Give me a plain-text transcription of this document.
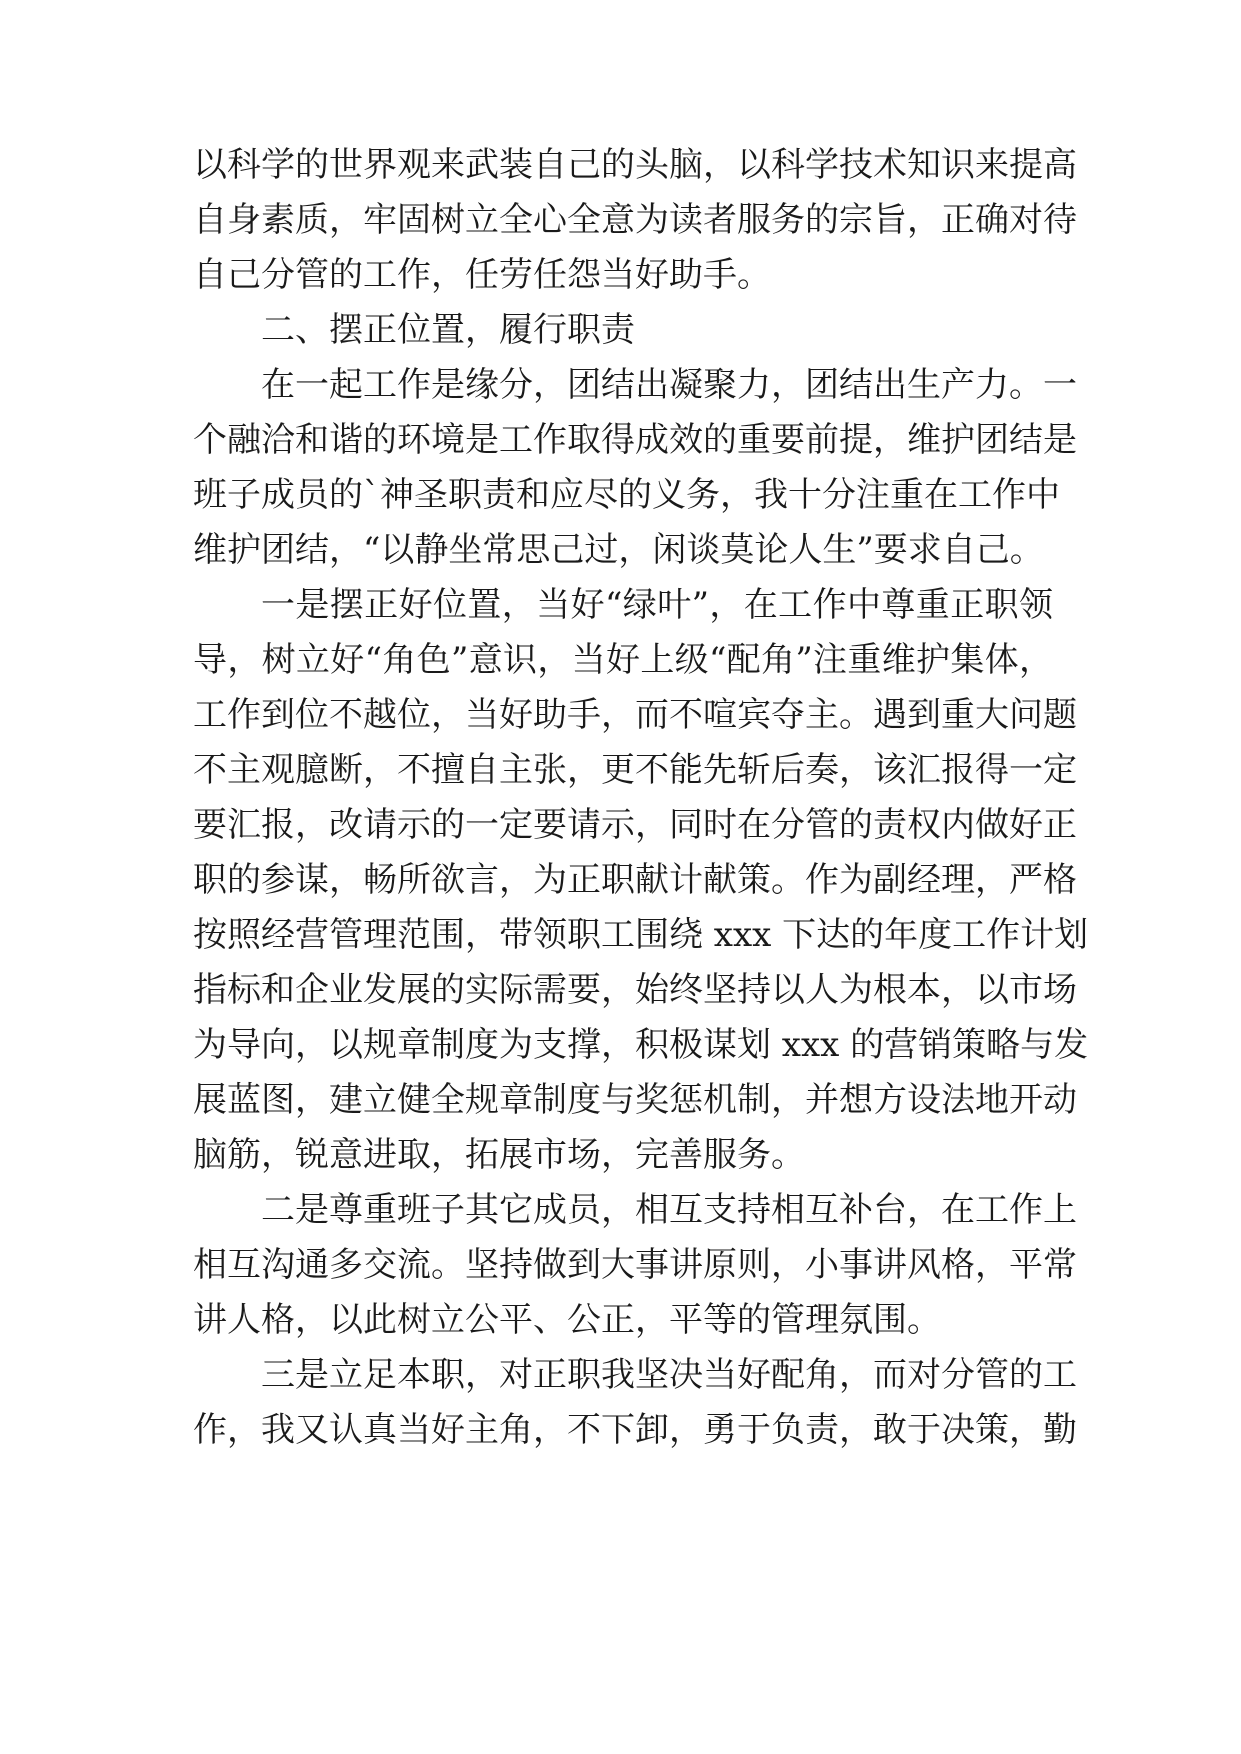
以科学的世界观来武装自己的头脑，以科学技术知识来提高
自身素质，牢固树立全心全意为读者服务的宗旨，正确对待
自己分管的工作，任劳任怨当好助手。
二、摆正位置，履行职责
在一起工作是缘分，团结出凝聚力，团结出生产力。一
个融洽和谐的环境是工作取得成效的重要前提，维护团结是
班子成员的`神圣职责和应尽的义务，我十分注重在工作中
维护团结，“以静坐常思己过，闲谈莫论人生”要求自己。
一是摆正好位置，当好“绿叶”，在工作中尊重正职领
导，树立好“角色”意识，当好上级“配角”注重维护集体，
工作到位不越位，当好助手，而不喧宾夺主。遇到重大问题
不主观臆断，不擅自主张，更不能先斩后奏，该汇报得一定
要汇报，改请示的一定要请示，同时在分管的责权内做好正
职的参谋，畅所欲言，为正职献计献策。作为副经理，严格
按照经营管理范围，带领职工围绕 xxx 下达的年度工作计划
指标和企业发展的实际需要，始终坚持以人为根本，以市场
为导向，以规章制度为支撑，积极谋划 xxx 的营销策略与发
展蓝图，建立健全规章制度与奖惩机制，并想方设法地开动
脑筋，锐意进取，拓展市场，完善服务。
二是尊重班子其它成员，相互支持相互补台，在工作上
相互沟通多交流。坚持做到大事讲原则，小事讲风格，平常
讲人格，以此树立公平、公正，平等的管理氛围。
三是立足本职，对正职我坚决当好配角，而对分管的工
作，我又认真当好主角，不下卸，勇于负责，敢于决策，勤
